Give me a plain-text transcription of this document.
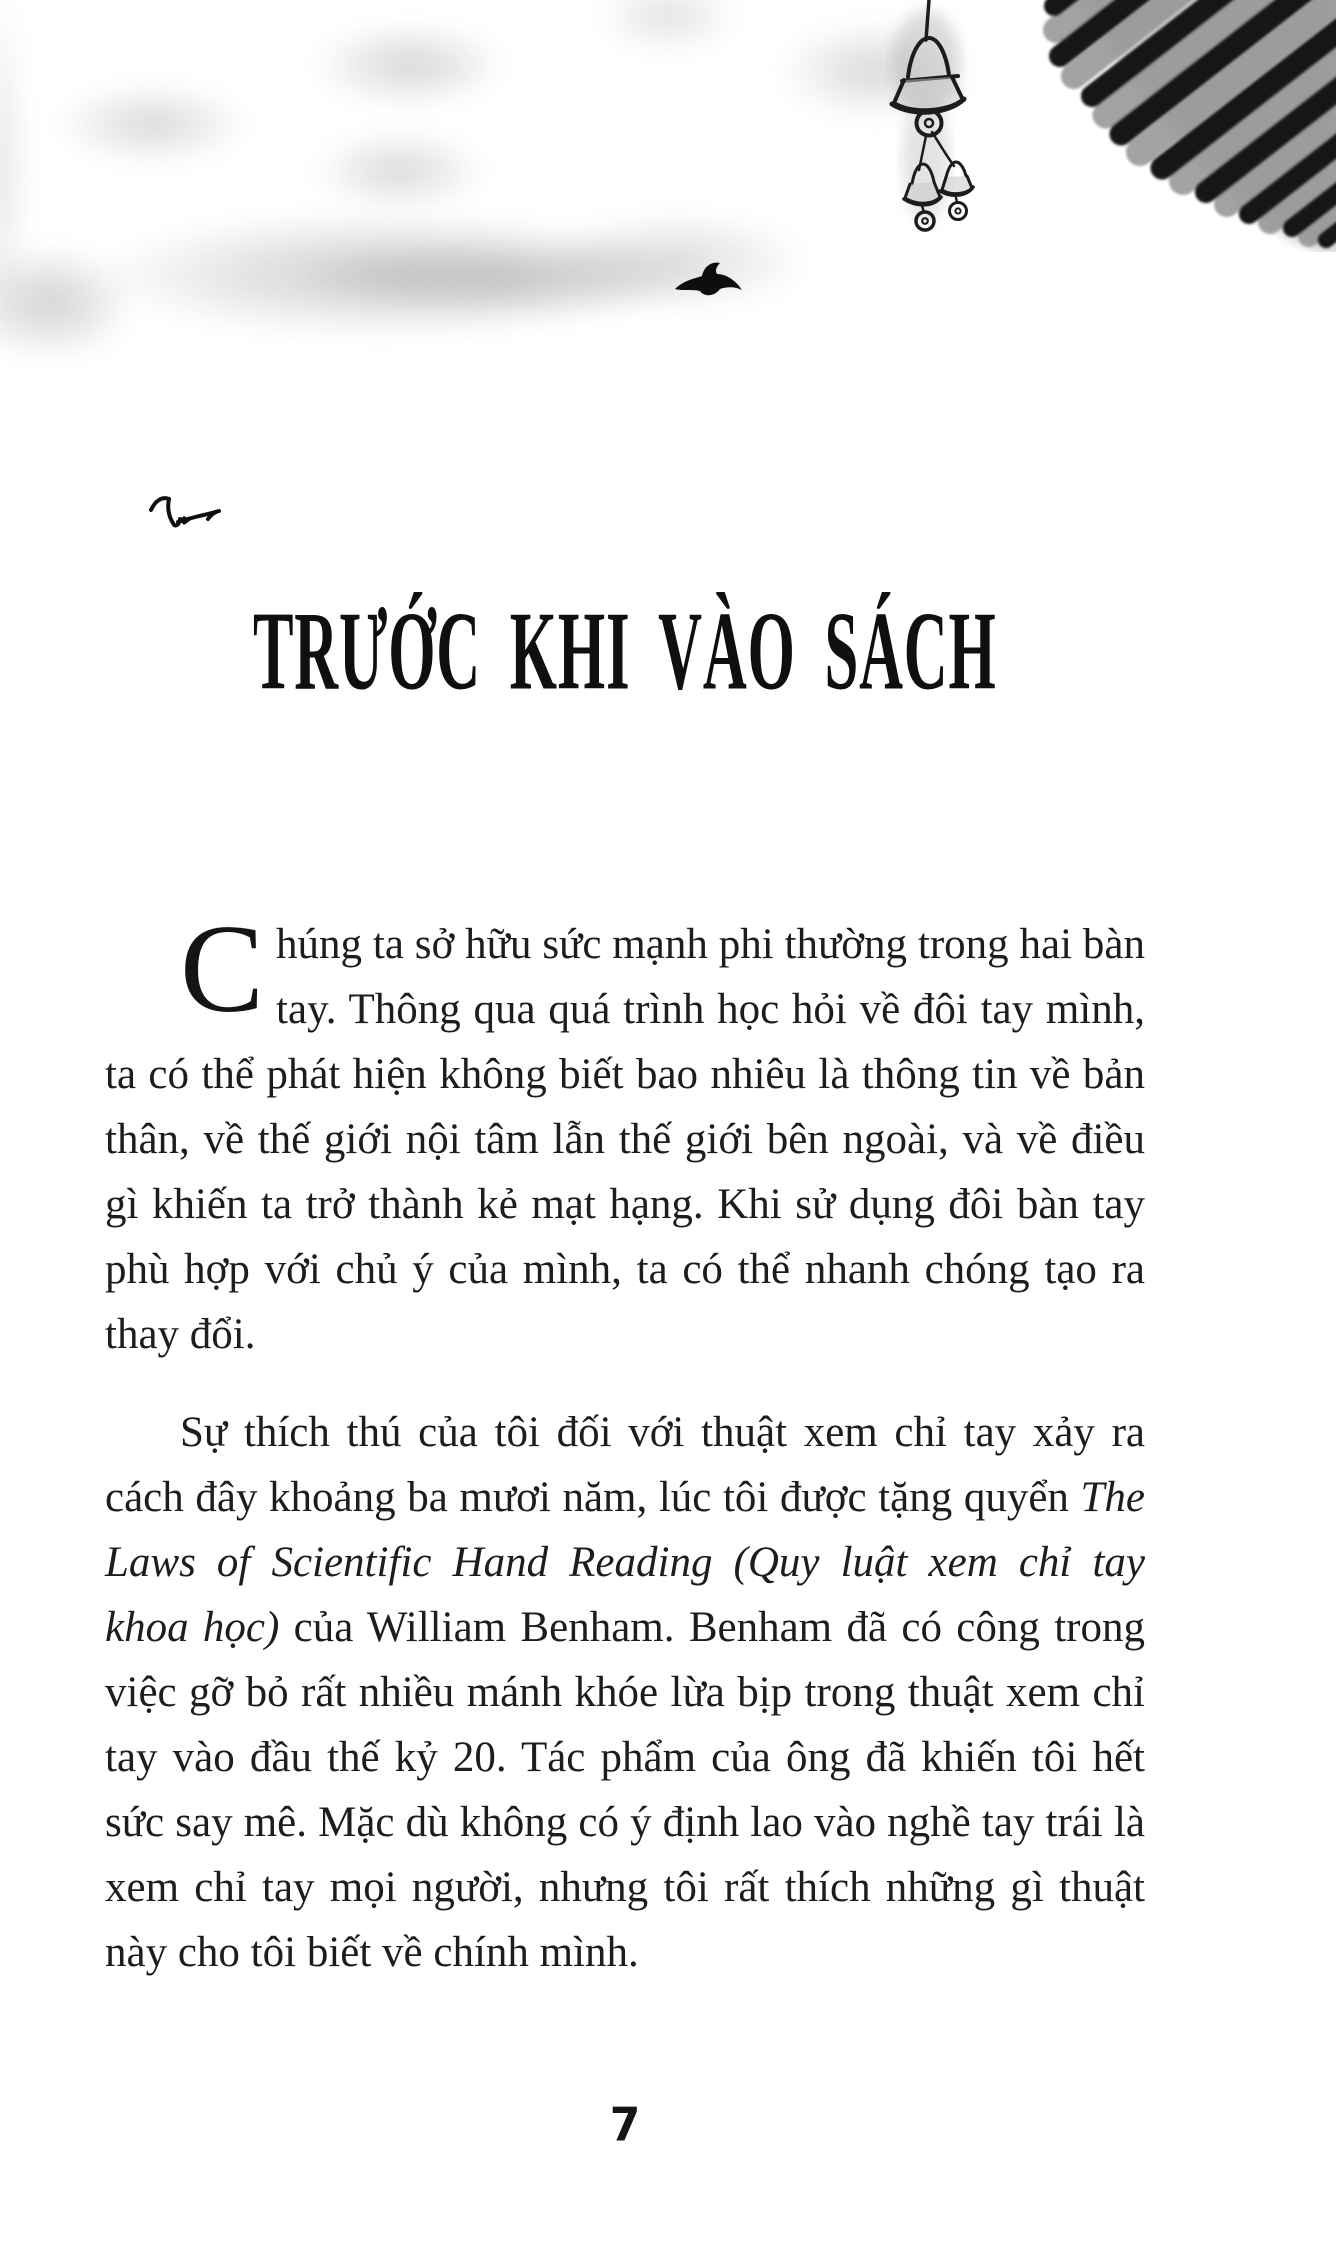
TRƯỚC KHI VÀO SÁCH

C húng ta sở hữu sức mạnh phi thường trong hai bàn tay. Thông qua quá trình học hỏi về đôi tay mình, ta có thể phát hiện không biết bao nhiêu là thông tin về bản thân, về thế giới nội tâm lẫn thế giới bên ngoài, và về điều gì khiến ta trở thành kẻ mạt hạng. Khi sử dụng đôi bàn tay phù hợp với chủ ý của mình, ta có thể nhanh chóng tạo ra thay đổi.

Sự thích thú của tôi đối với thuật xem chỉ tay xảy ra cách đây khoảng ba mươi năm, lúc tôi được tặng quyển The Laws of Scientific Hand Reading (Quy luật xem chỉ tay khoa học) của William Benham. Benham đã có công trong việc gỡ bỏ rất nhiều mánh khóe lừa bịp trong thuật xem chỉ tay vào đầu thế kỷ 20. Tác phẩm của ông đã khiến tôi hết sức say mê. Mặc dù không có ý định lao vào nghề tay trái là xem chỉ tay mọi người, nhưng tôi rất thích những gì thuật này cho tôi biết về chính mình.

7
